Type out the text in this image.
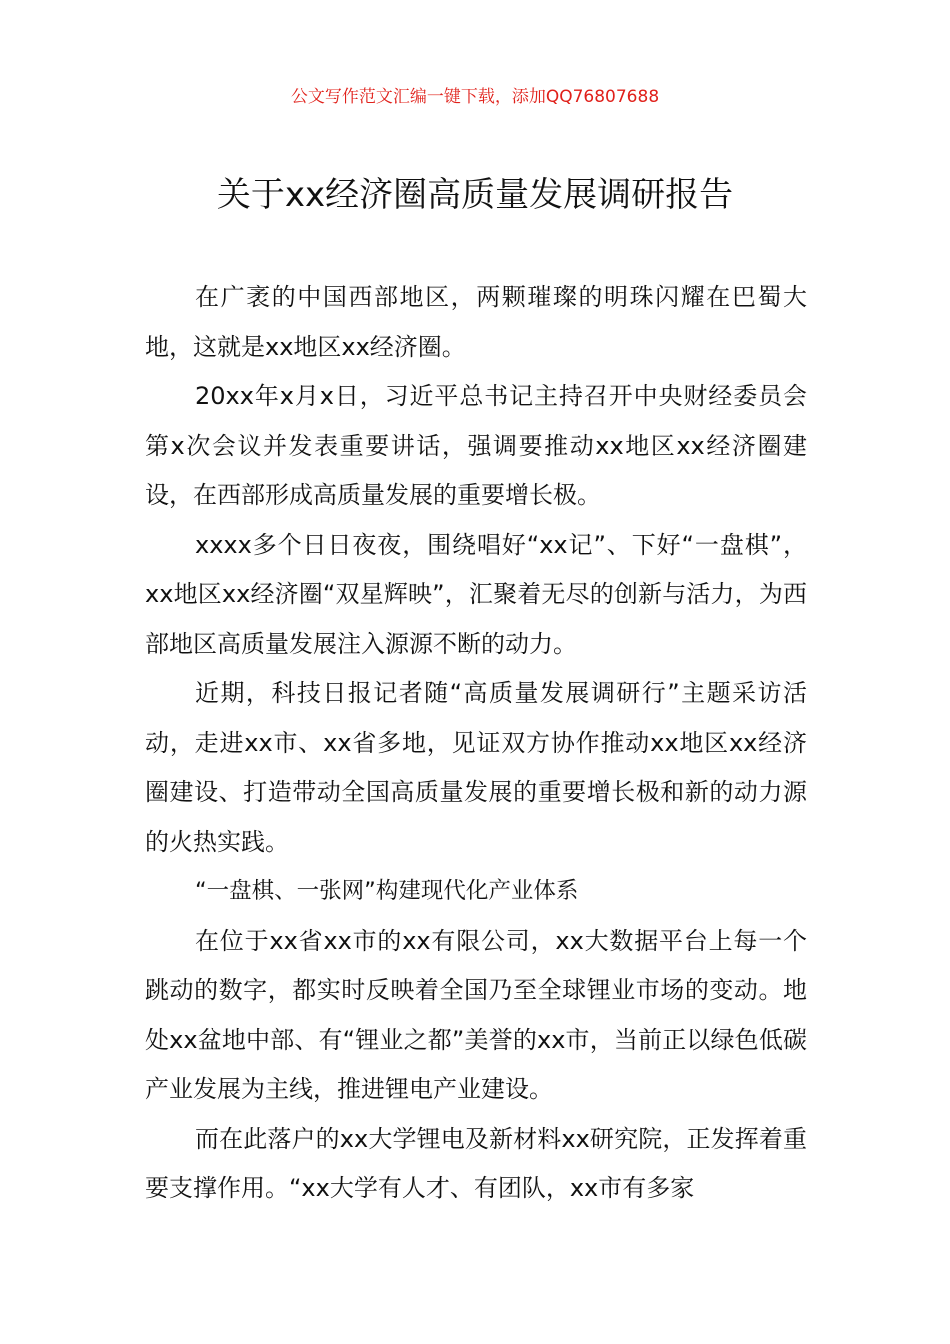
公文写作范文汇编一键下载，添加QQ76807688
关于xx经济圈高质量发展调研报告

在广袤的中国西部地区，两颗璀璨的明珠闪耀在巴蜀大地，这就是xx地区xx经济圈。

20xx年x月x日，习近平总书记主持召开中央财经委员会第x次会议并发表重要讲话，强调要推动xx地区xx经济圈建设，在西部形成高质量发展的重要增长极。

xxxx多个日日夜夜，围绕唱好“xx记”、下好“一盘棋”，xx地区xx经济圈“双星辉映”，汇聚着无尽的创新与活力，为西部地区高质量发展注入源源不断的动力。

近期，科技日报记者随“高质量发展调研行”主题采访活动，走进xx市、xx省多地，见证双方协作推动xx地区xx经济圈建设、打造带动全国高质量发展的重要增长极和新的动力源的火热实践。

“一盘棋、一张网”构建现代化产业体系

在位于xx省xx市的xx有限公司，xx大数据平台上每一个跳动的数字，都实时反映着全国乃至全球锂业市场的变动。地处xx盆地中部、有“锂业之都”美誉的xx市，当前正以绿色低碳产业发展为主线，推进锂电产业建设。

而在此落户的xx大学锂电及新材料xx研究院，正发挥着重要支撑作用。“xx大学有人才、有团队，xx市有多家
